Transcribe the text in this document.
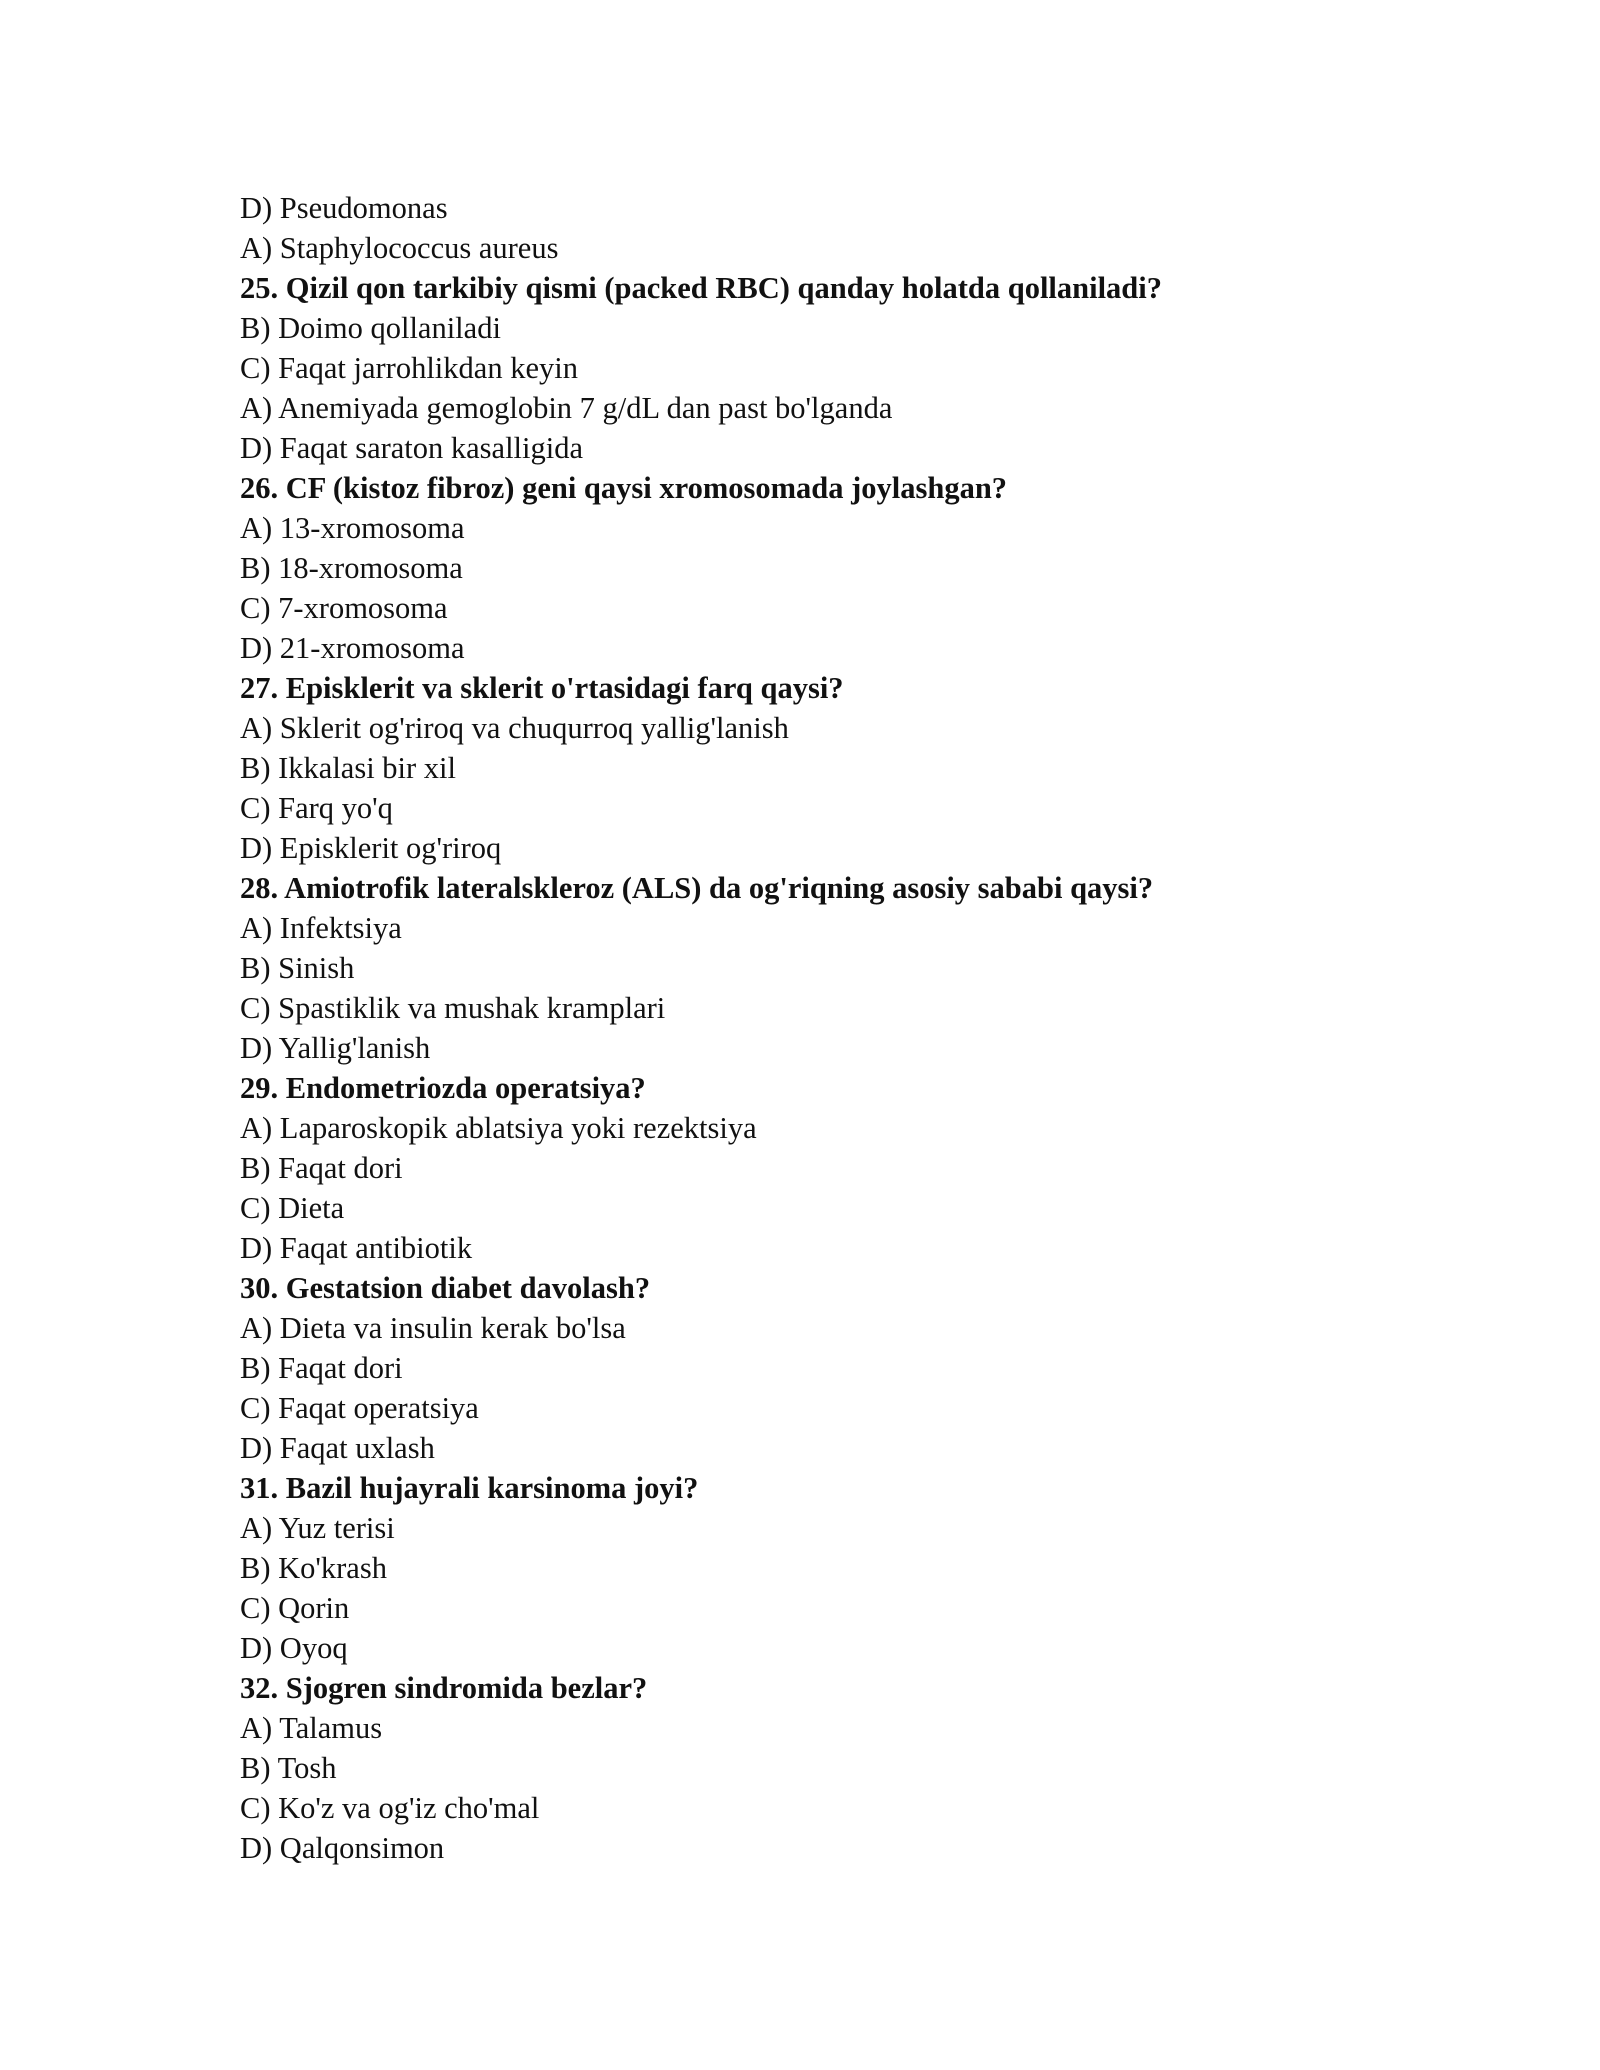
D) Pseudomonas
A) Staphylococcus aureus
25. Qizil qon tarkibiy qismi (packed RBC) qanday holatda qollaniladi?
B) Doimo qollaniladi
C) Faqat jarrohlikdan keyin
A) Anemiyada gemoglobin 7 g/dL dan past bo'lganda
D) Faqat saraton kasalligida
26. CF (kistoz fibroz) geni qaysi xromosomada joylashgan?
A) 13-xromosoma
B) 18-xromosoma
C) 7-xromosoma
D) 21-xromosoma
27. Episklerit va sklerit o'rtasidagi farq qaysi?
A) Sklerit og'riroq va chuqurroq yallig'lanish
B) Ikkalasi bir xil
C) Farq yo'q
D) Episklerit og'riroq
28. Amiotrofik lateralskleroz (ALS) da og'riqning asosiy sababi qaysi?
A) Infektsiya
B) Sinish
C) Spastiklik va mushak kramplari
D) Yallig'lanish
29. Endometriozda operatsiya?
A) Laparoskopik ablatsiya yoki rezektsiya
B) Faqat dori
C) Dieta
D) Faqat antibiotik
30. Gestatsion diabet davolash?
A) Dieta va insulin kerak bo'lsa
B) Faqat dori
C) Faqat operatsiya
D) Faqat uxlash
31. Bazil hujayrali karsinoma joyi?
A) Yuz terisi
B) Ko'krash
C) Qorin
D) Oyoq
32. Sjogren sindromida bezlar?
A) Talamus
B) Tosh
C) Ko'z va og'iz cho'mal
D) Qalqonsimon
